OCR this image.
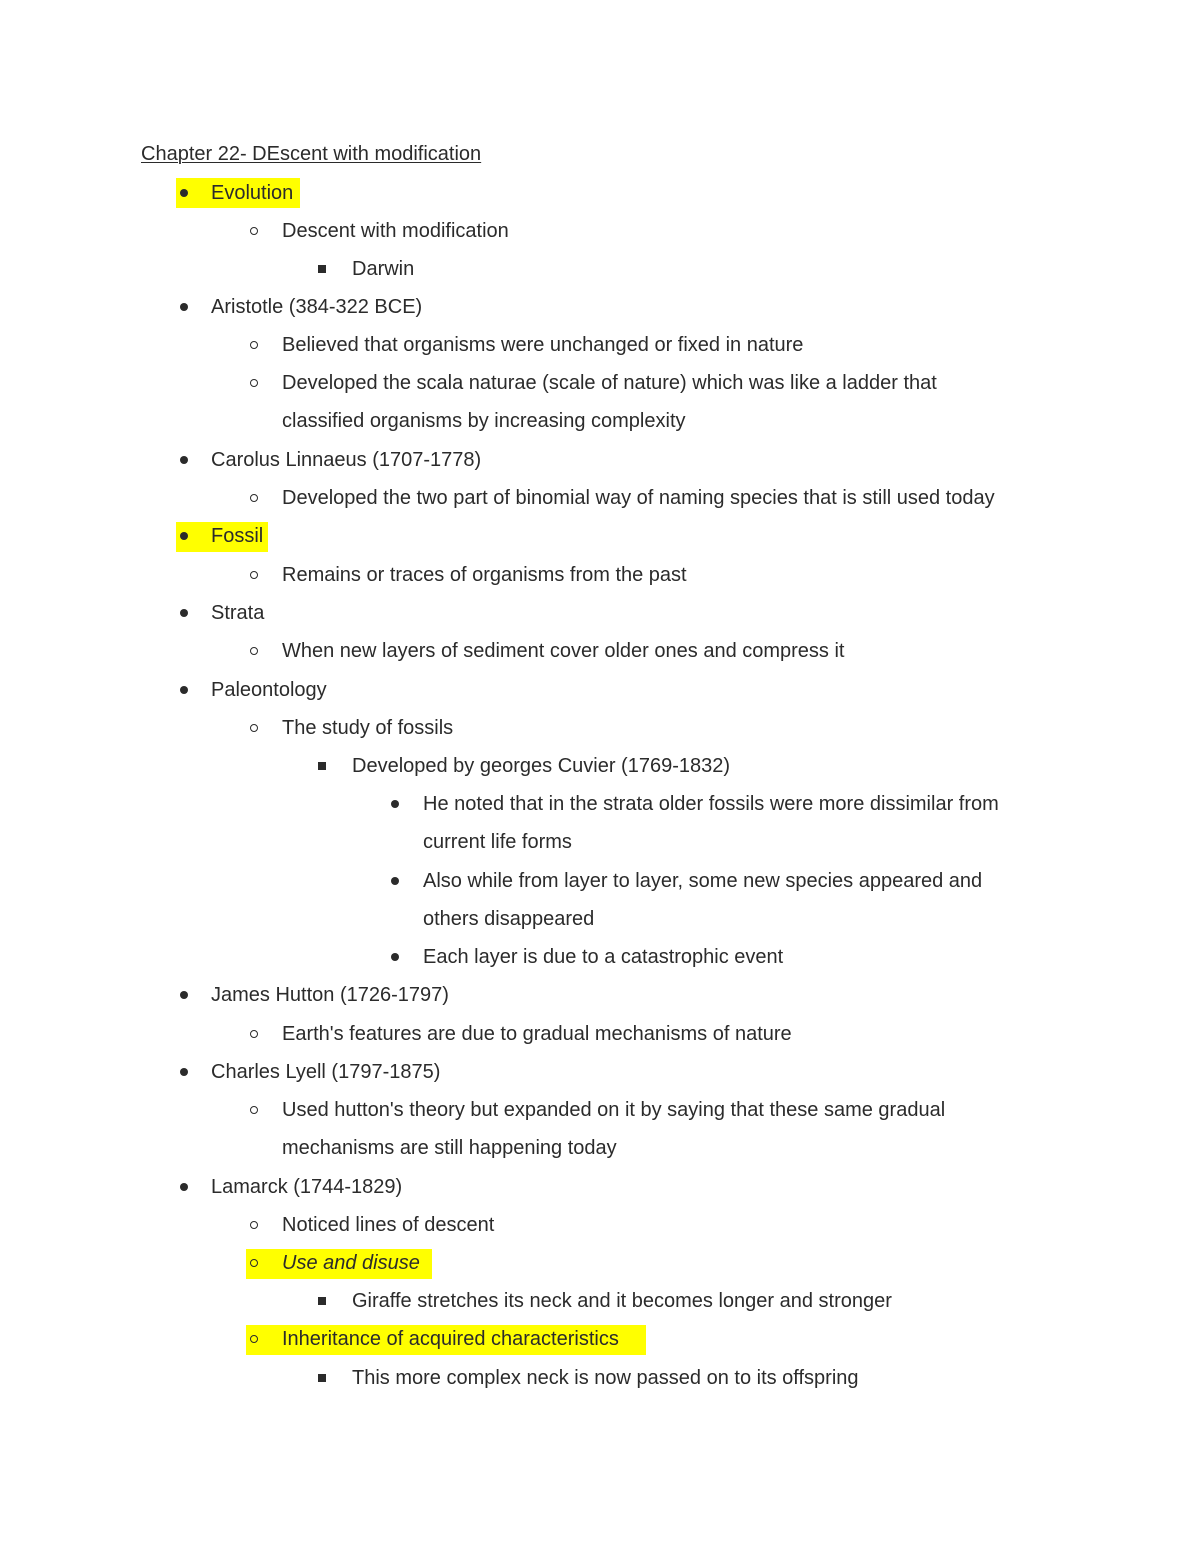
Chapter 22- DEscent with modification
Evolution
Descent with modification
Darwin
Aristotle (384-322 BCE)
Believed that organisms were unchanged or fixed in nature
Developed the scala naturae (scale of nature) which was like a ladder that
classified organisms by increasing complexity
Carolus Linnaeus (1707-1778)
Developed the two part of binomial way of naming species that is still used today
Fossil
Remains or traces of organisms from the past
Strata
When new layers of sediment cover older ones and compress it
Paleontology
The study of fossils
Developed by georges Cuvier (1769-1832)
He noted that in the strata older fossils were more dissimilar from
current life forms
Also while from layer to layer, some new species appeared and
others disappeared
Each layer is due to a catastrophic event
James Hutton (1726-1797)
Earth's features are due to gradual mechanisms of nature
Charles Lyell (1797-1875)
Used hutton's theory but expanded on it by saying that these same gradual
mechanisms are still happening today
Lamarck (1744-1829)
Noticed lines of descent
Use and disuse
Giraffe stretches its neck and it becomes longer and stronger
Inheritance of acquired characteristics
This more complex neck is now passed on to its offspring
